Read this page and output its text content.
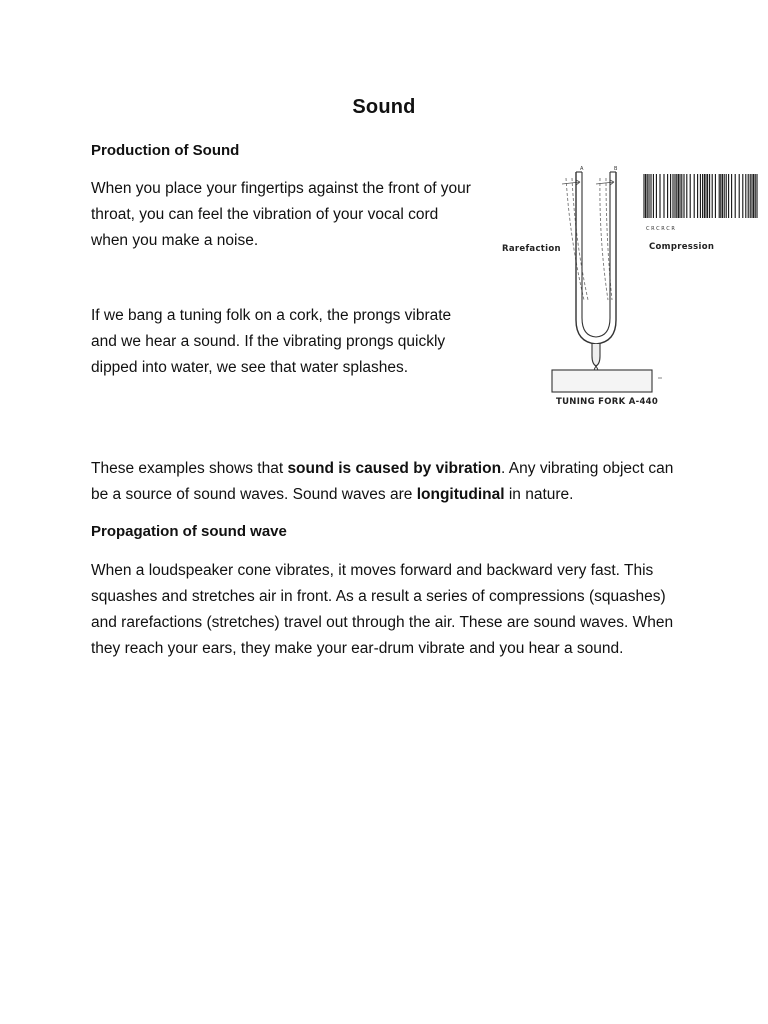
Sound
Production of Sound

When you place your fingertips against the front of your throat, you can feel the vibration of your vocal cord when you make a noise.

If we bang a tuning folk on a cork, the prongs vibrate and we hear a sound. If the vibrating prongs quickly dipped into water, we see that water splashes.

These examples shows that sound is caused by vibration. Any vibrating object can be a source of sound waves. Sound waves are longitudinal in nature.

Propagation of sound wave

When a loudspeaker cone vibrates, it moves forward and backward very fast. This squashes and stretches air in front. As a result a series of compressions (squashes) and rarefactions (stretches) travel out through the air. These are sound waves. When they reach your ears, they make your ear-drum vibrate and you hear a sound.

A	B
Rarefaction	Compression
TUNING FORK A-440
C R C R C R
